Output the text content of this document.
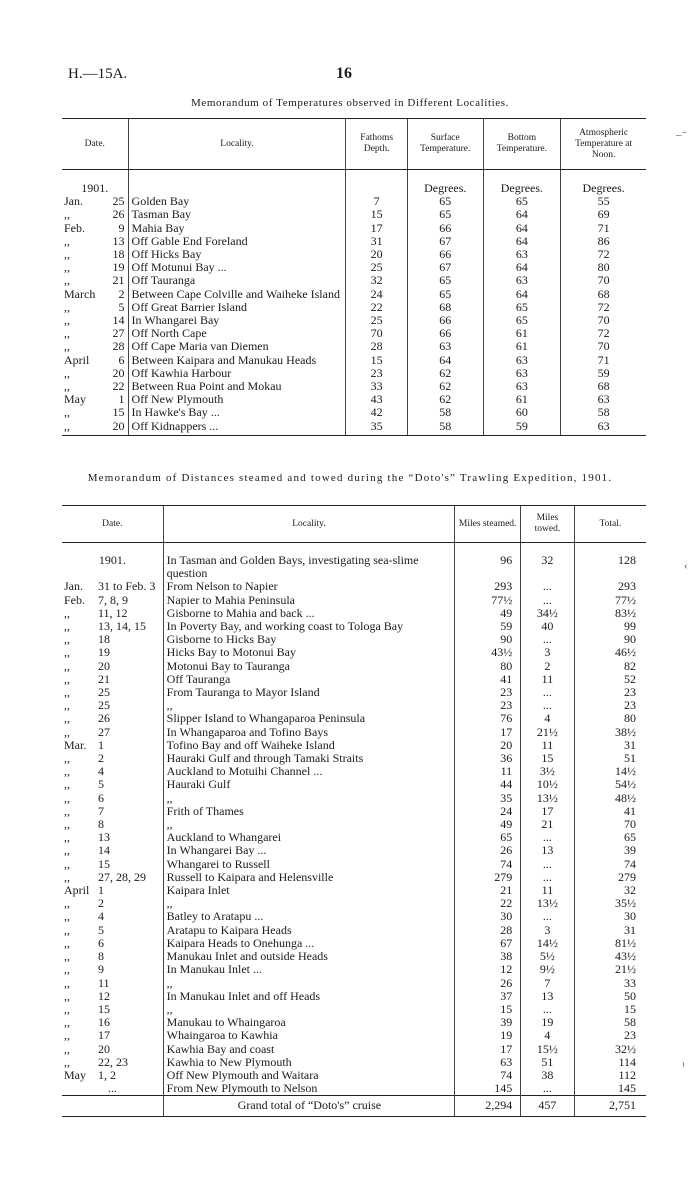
H.—15A.	16
Memorandum of Temperatures observed in Different Localities.
Date.		Locality.	Fathoms Depth.	Surface Temperature.	Bottom Temperature.	Atmospheric Temperature at Noon.

1901.				Degrees.	Degrees.	Degrees.
Jan.	25	Golden Bay	7	65	65	55
,,	26	Tasman Bay	15	65	64	69
Feb.	9	Mahia Bay	17	66	64	71
,,	13	Off Gable End Foreland	31	67	64	86
,,	18	Off Hicks Bay	20	66	63	72
,,	19	Off Motunui Bay ...	25	67	64	80
,,	21	Off Tauranga	32	65	63	70
March	2	Between Cape Colville and Waiheke Island	24	65	64	68
,,	5	Off Great Barrier Island	22	68	65	72
,,	14	In Whangarei Bay	25	66	65	70
,,	27	Off North Cape	70	66	61	72
,,	28	Off Cape Maria van Diemen	28	63	61	70
April	6	Between Kaipara and Manukau Heads	15	64	63	71
,,	20	Off Kawhia Harbour	23	62	63	59
,,	22	Between Rua Point and Mokau	33	62	63	68
May	1	Off New Plymouth	43	62	61	63
,,	15	In Hawke's Bay ...	42	58	60	58
,,	20	Off Kidnappers ...	35	58	59	63
Memorandum of Distances steamed and towed during the “Doto's” Trawling Expedition, 1901.
Date.	Locality.	Miles steamed.	Miles towed.	Total.

1901.	In Tasman and Golden Bays, investigating sea-slime question	96	32	128
Jan. 31 to Feb. 3	From Nelson to Napier	293	...	293
Feb. 7, 8, 9	Napier to Mahia Peninsula	77½	...	77½
,, 11, 12	Gisborne to Mahia and back ...	49	34½	83½
,, 13, 14, 15	In Poverty Bay, and working coast to Tologa Bay	59	40	99
,, 18	Gisborne to Hicks Bay	90	...	90
,, 19	Hicks Bay to Motonui Bay	43½	3	46½
,, 20	Motonui Bay to Tauranga	80	2	82
,, 21	Off Tauranga	41	11	52
,, 25	From Tauranga to Mayor Island	23	...	23
,, 25	,,	23	...	23
,, 26	Slipper Island to Whangaparoa Peninsula	76	4	80
,, 27	In Whangaparoa and Tofino Bays	17	21½	38½
Mar. 1	Tofino Bay and off Waiheke Island	20	11	31
,, 2	Hauraki Gulf and through Tamaki Straits	36	15	51
,, 4	Auckland to Motuihi Channel ...	11	3½	14½
,, 5	Hauraki Gulf	44	10½	54½
,, 6	,,	35	13½	48½
,, 7	Frith of Thames	24	17	41
,, 8	,,	49	21	70
,, 13	Auckland to Whangarei	65	...	65
,, 14	In Whangarei Bay ...	26	13	39
,, 15	Whangarei to Russell	74	...	74
,, 27, 28, 29	Russell to Kaipara and Helensville	279	...	279
April 1	Kaipara Inlet	21	11	32
,, 2	,,	22	13½	35½
,, 4	Batley to Aratapu ...	30	...	30
,, 5	Aratapu to Kaipara Heads	28	3	31
,, 6	Kaipara Heads to Onehunga ...	67	14½	81½
,, 8	Manukau Inlet and outside Heads	38	5½	43½
,, 9	In Manukau Inlet ...	12	9½	21½
,, 11	,,	26	7	33
,, 12	In Manukau Inlet and off Heads	37	13	50
,, 15	,,	15	...	15
,, 16	Manukau to Whaingaroa	39	19	58
,, 17	Whaingaroa to Kawhia	19	4	23
,, 20	Kawhia Bay and coast	17	15½	32½
,, 22, 23	Kawhia to New Plymouth	63	51	114
May 1, 2	Off New Plymouth and Waitara	74	38	112
...	From New Plymouth to Nelson	145	...	145
	Grand total of “Doto's” cruise	2,294	457	2,751
–⁻
‹
⁾
